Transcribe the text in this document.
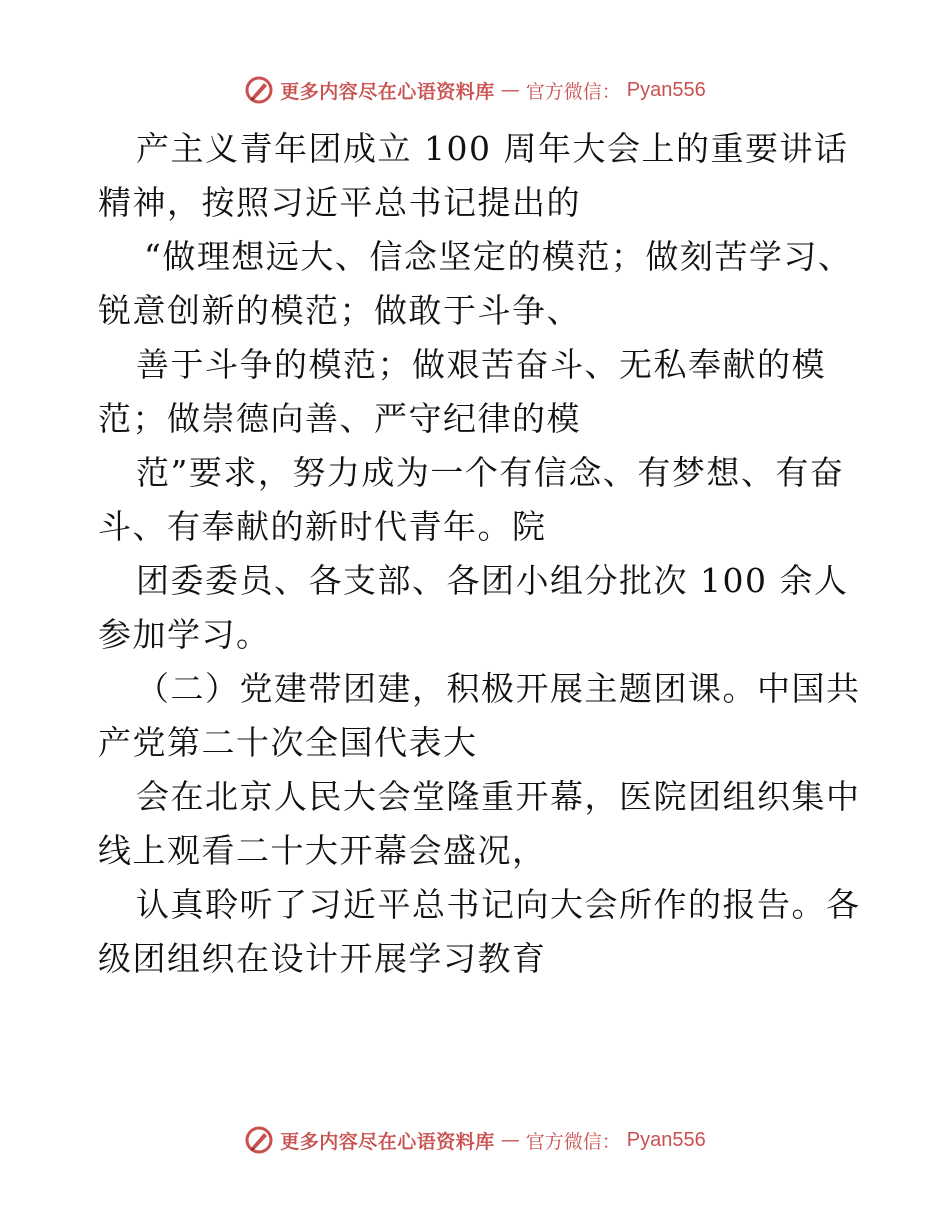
更多内容尽在心语资料库 — 官方微信： Pyan556
产主义青年团成立 100 周年大会上的重要讲话
精神，按照习近平总书记提出的
“做理想远大、信念坚定的模范；做刻苦学习、
锐意创新的模范；做敢于斗争、
善于斗争的模范；做艰苦奋斗、无私奉献的模
范；做崇德向善、严守纪律的模
范”要求，努力成为一个有信念、有梦想、有奋
斗、有奉献的新时代青年。院
团委委员、各支部、各团小组分批次 100 余人
参加学习。
（二）党建带团建，积极开展主题团课。中国共
产党第二十次全国代表大
会在北京人民大会堂隆重开幕，医院团组织集中
线上观看二十大开幕会盛况，
认真聆听了习近平总书记向大会所作的报告。各
级团组织在设计开展学习教育
更多内容尽在心语资料库 — 官方微信： Pyan556
